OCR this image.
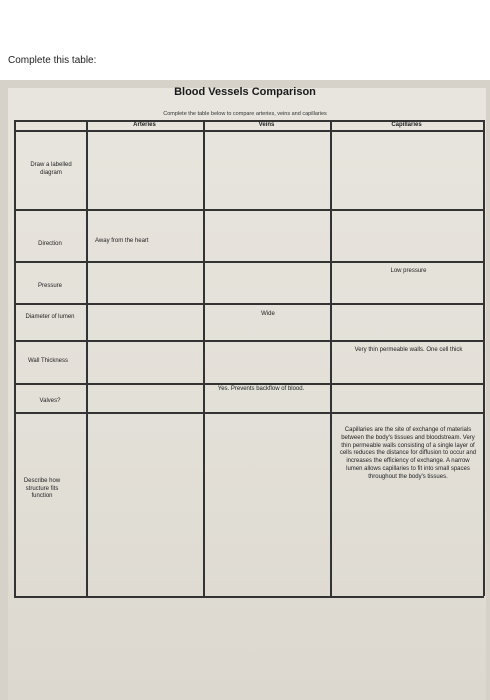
Complete this table:
Blood Vessels Comparison
Complete the table below to compare arteries, veins and capillaries
Arteries	Veins	Capillaries
Draw a labelled diagram
Direction
Pressure
Diameter of lumen
Wall Thickness
Valves?
Describe how structure fits function
Away from the heart
Low pressure
Wide
Very thin permeable walls. One cell thick
Yes. Prevents backflow of blood.
Capillaries are the site of exchange of materials between the body's tissues and bloodstream. Very thin permeable walls consisting of a single layer of cells reduces the distance for diffusion to occur and increases the efficiency of exchange. A narrow lumen allows capillaries to fit into small spaces throughout the body's tissues.
